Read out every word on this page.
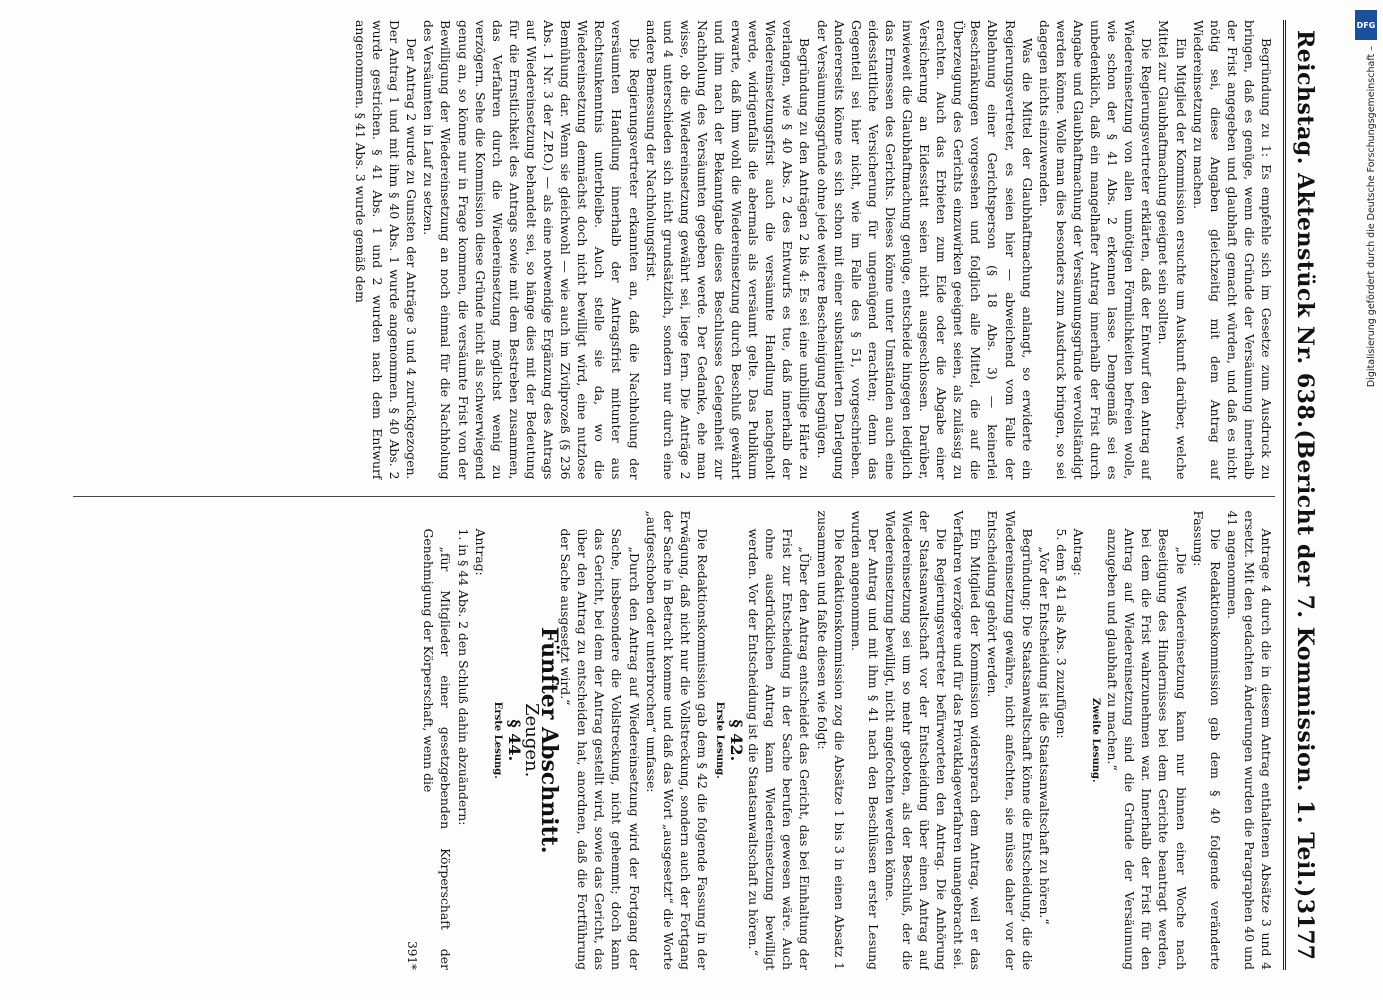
Reichstag. Aktenstück Nr. 638.
(Bericht der 7. Kommission. 1. Teil.)
3177

Begründung zu 1: Es empfehle sich im Gesetze zum Ausdruck zu bringen, daß es genüge, wenn die Gründe der Versäumung innerhalb der Frist angegeben und glaubhaft gemacht würden, und daß es nicht nötig sei, diese Angaben gleichzeitig mit dem Antrag auf Wiedereinsetzung zu machen.

Ein Mitglied der Kommission ersuchte um Auskunft darüber, welche Mittel zur Glaubhaftmachung geeignet sein sollten.

Die Regierungsvertreter erklärten, daß der Entwurf den Antrag auf Wiedereinsetzung von allen unnötigen Förmlichkeiten befreien wolle, wie schon der § 41 Abs. 2 erkennen lasse. Demgemäß sei es unbedenklich, daß ein mangelhafter Antrag innerhalb der Frist durch Angabe und Glaubhaftmachung der Versäumungsgründe vervollständigt werden könne. Wolle man dies besonders zum Ausdruck bringen, so sei dagegen nichts einzuwenden.

Was die Mittel der Glaubhaftmachung anlangt, so erwiderte ein Regierungsvertreter, es seien hier — abweichend vom Falle der Ablehnung einer Gerichtsperson (§ 18 Abs. 3) — keinerlei Beschränkungen vorgesehen und folglich alle Mittel, die auf die Überzeugung des Gerichts einzuwirken geeignet seien, als zulässig zu erachten. Auch das Erbieten zum Eide oder die Abgabe einer Versicherung an Eidesstatt seien nicht ausgeschlossen. Darüber, inwieweit die Glaubhaftmachung genüge, entscheide hingegen lediglich das Ermessen des Gerichts. Dieses könne unter Umständen auch eine eidesstattliche Versicherung für ungenügend erachten; denn das Gegenteil sei hier nicht, wie im Falle des § 51, vorgeschrieben. Andererseits könne es sich schon mit einer substantiierten Darlegung der Versäumungsgründe ohne jede weitere Bescheinigung begnügen.

Begründung zu den Anträgen 2 bis 4: Es sei eine unbillige Härte zu verlangen, wie § 40 Abs. 2 des Entwurfs es tue, daß innerhalb der Wiedereinsetzungsfrist auch die versäumte Handlung nachgeholt werde, widrigenfalls die abermals als versäumt gelte. Das Publikum erwarte, daß ihm wohl die Wiedereinsetzung durch Beschluß gewährt und ihm nach der Bekanntgabe dieses Beschlusses Gelegenheit zur Nachholung des Versäumten gegeben werde. Der Gedanke, ehe man wisse, ob die Wiedereinsetzung gewährt sei, liege fern. Die Anträge 2 und 4 unterschieden sich nicht grundsätzlich, sondern nur durch eine andere Bemessung der Nachholungsfrist.

Die Regierungsvertreter erkannten an, daß die Nachholung der versäumten Handlung innerhalb der Antragsfrist mitunter aus Rechtsunkenntnis unterbleibe. Auch stelle sie da, wo die Wiedereinsetzung demnächst doch nicht bewilligt wird, eine nutzlose Bemühung dar. Wenn sie gleichwohl — wie auch im Zivilprozeß (§ 236 Abs. 1 Nr. 3 der Z.P.O.) — als eine notwendige Ergänzung des Antrags auf Wiedereinsetzung behandelt sei, so hänge dies mit der Bedeutung für die Ernstlichkeit des Antrags sowie mit dem Bestreben zusammen, das Verfahren durch die Wiedereinsetzung möglichst wenig zu verzögern. Sehe die Kommission diese Gründe nicht als schwerwiegend genug an, so könne nur in Frage kommen, die versäumte Frist von der Bewilligung der Wiedereinsetzung an noch einmal für die Nachholung des Versäumten in Lauf zu setzen.

Der Antrag 2 wurde zu Gunsten der Anträge 3 und 4 zurückgezogen. Der Antrag 1 und mit ihm § 40 Abs. 1 wurde angenommen. § 40 Abs. 2 wurde gestrichen. § 41 Abs. 1 und 2 wurden nach dem Entwurf angenommen. § 41 Abs. 3 wurde gemäß dem

Antrage 4 durch die in diesem Antrag enthaltenen Absätze 3 und 4 ersetzt. Mit den gedachten Änderungen wurden die Paragraphen 40 und 41 angenommen.

Die Redaktionskommission gab dem § 40 folgende veränderte Fassung:

„Die Wiedereinsetzung kann nur binnen einer Woche nach Beseitigung des Hindernisses bei dem Gerichte beantragt werden, bei dem die Frist wahrzunehmen war. Innerhalb der Frist für den Antrag auf Wiedereinsetzung sind die Gründe der Versäumung anzugeben und glaubhaft zu machen.“

Zweite Lesung.

Antrag:

5. dem § 41 als Abs. 3 zuzufügen:

„Vor der Entscheidung ist die Staatsanwaltschaft zu hören.“

Begründung: Die Staatsanwaltschaft könne die Entscheidung, die die Wiedereinsetzung gewähre, nicht anfechten, sie müsse daher vor der Entscheidung gehört werden.

Ein Mitglied der Kommission widersprach dem Antrag, weil er das Verfahren verzögere und für das Privatklageverfahren unangebracht sei.

Die Regierungsvertreter befürworteten den Antrag. Die Anhörung der Staatsanwaltschaft vor der Entscheidung über einen Antrag auf Wiedereinsetzung sei um so mehr geboten, als der Beschluß, der die Wiedereinsetzung bewilligt, nicht angefochten werden könne.

Der Antrag und mit ihm § 41 nach den Beschlüssen erster Lesung wurden angenommen.

Die Redaktionskommission zog die Absätze 1 bis 3 in einen Absatz 1 zusammen und faßte diesen wie folgt:

„Über den Antrag entscheidet das Gericht, das bei Einhaltung der Frist zur Entscheidung in der Sache berufen gewesen wäre. Auch ohne ausdrücklichen Antrag kann Wiedereinsetzung bewilligt werden. Vor der Entscheidung ist die Staatsanwaltschaft zu hören.“

§ 42.

Erste Lesung.

Die Redaktionskommission gab dem § 42 die folgende Fassung in der Erwägung, daß nicht nur die Vollstreckung, sondern auch der Fortgang der Sache in Betracht komme und daß das Wort „ausgesetzt“ die Worte „aufgeschoben oder unterbrochen“ umfasse:

„Durch den Antrag auf Wiedereinsetzung wird der Fortgang der Sache, insbesondere die Vollstreckung, nicht gehemmt; doch kann das Gericht, bei dem der Antrag gestellt wird, sowie das Gericht, das über den Antrag zu entscheiden hat, anordnen, daß die Fortführung der Sache ausgesetzt wird.“

Fünfter Abschnitt.

Zeugen.

§ 44.

Erste Lesung.

Antrag:

1. in § 44 Abs. 2 den Schluß dahin abzuändern:

„für Mitglieder einer gesetzgebenden Körperschaft der Genehmigung der Körperschaft, wenn die

391*

DFG
Digitalisierung gefördert durch die Deutsche Forschungsgemeinschaft –
